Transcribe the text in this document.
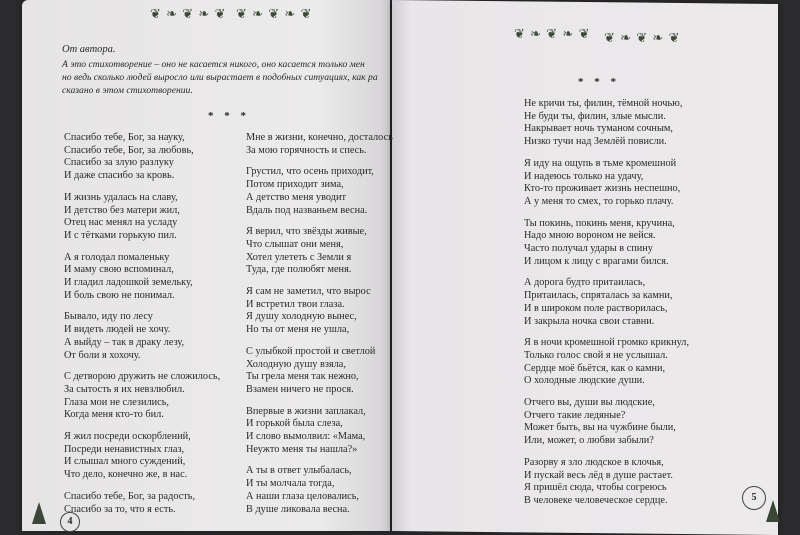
❦ ❧ ❦ ❧ ❦ ❦ ❧ ❦ ❧ ❦
❦ ❧ ❦ ❧ ❦ ❦ ❧ ❦ ❧ ❦
От автора.
А это стихотворение – оно не касается никого, оно касается только мен
но ведь сколько людей выросло или вырастает в подобных ситуациях, как ра
сказано в этом стихотворении.
* * *
Спасибо тебе, Бог, за науку,
Спасибо тебе, Бог, за любовь,
Спасибо за злую разлуку
И даже спасибо за кровь.
И жизнь удалась на славу,
И детство без матери жил,
Отец нас менял на усладу
И с тётками горькую пил.
А я голодал помаленьку
И маму свою вспоминал,
И гладил ладошкой земельку,
И боль свою не понимал.
Бывало, иду по лесу
И видеть людей не хочу.
А выйду – так в драку лезу,
От боли я хохочу.
С детворою дружить не сложилось,
За сытость я их невзлюбил.
Глаза мои не слезились,
Когда меня кто-то бил.
Я жил посреди оскорблений,
Посреди ненавистных глаз,
И слышал много суждений,
Что дело, конечно же, в нас.
Спасибо тебе, Бог, за радость,
Спасибо за то, что я есть.
Мне в жизни, конечно, досталось
За мою горячность и спесь.
Грустил, что осень приходит,
Потом приходит зима,
А детство меня уводит
Вдаль под названьем весна.
Я верил, что звёзды живые,
Что слышат они меня,
Хотел улететь с Земли я
Туда, где полюбят меня.
Я сам не заметил, что вырос
И встретил твои глаза.
Я душу холодную вынес,
Но ты от меня не ушла,
С улыбкой простой и светлой
Холодную душу взяла,
Ты грела меня так нежно,
Взамен ничего не прося.
Впервые в жизни заплакал,
И горькой была слеза,
И слово вымолвил: «Мама,
Неужто меня ты нашла?»
А ты в ответ улыбалась,
И ты молчала тогда,
А наши глаза целовались,
В душе ликовала весна.
4
* * *
Не кричи ты, филин, тёмной ночью,
Не буди ты, филин, злые мысли.
Накрывает ночь туманом сочным,
Низко тучи над Землёй повисли.
Я иду на ощупь в тьме кромешной
И надеюсь только на удачу,
Кто-то проживает жизнь неспешно,
А у меня то смех, то горько плачу.
Ты покинь, покинь меня, кручина,
Надо мною вороном не вейся.
Часто получал удары в спину
И лицом к лицу с врагами бился.
А дорога будто притаилась,
Притаилась, спряталась за камни,
И в широком поле растворилась,
И закрыла ночка свои ставни.
Я в ночи кромешной громко крикнул,
Только голос свой я не услышал.
Сердце моё бьётся, как о камни,
О холодные людские души.
Отчего вы, души вы людские,
Отчего такие ледяные?
Может быть, вы на чужбине были,
Или, может, о любви забыли?
Разорву я зло людское в клочья,
И пускай весь лёд в душе растает.
Я пришёл сюда, чтобы согреюсь
В человеке человеческое сердце.	5
